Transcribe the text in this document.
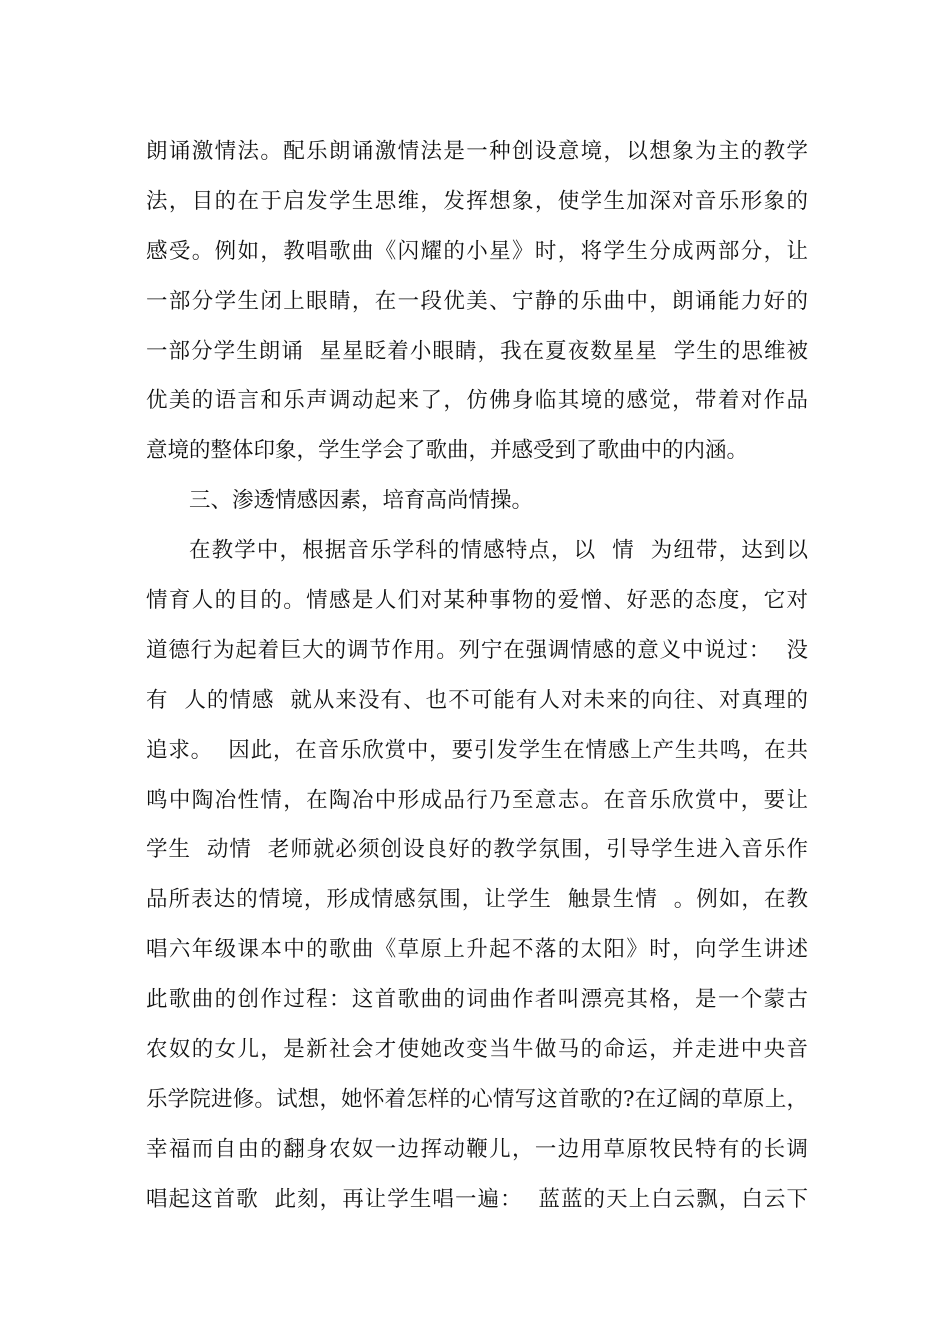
朗诵激情法。配乐朗诵激情法是一种创设意境，以想象为主的教学
法，目的在于启发学生思维，发挥想象，使学生加深对音乐形象的
感受。例如，教唱歌曲《闪耀的小星》时，将学生分成两部分，让
一部分学生闭上眼睛，在一段优美、宁静的乐曲中，朗诵能力好的
一部分学生朗诵  星星眨着小眼睛，我在夏夜数星星  学生的思维被
优美的语言和乐声调动起来了，仿佛身临其境的感觉，带着对作品
意境的整体印象，学生学会了歌曲，并感受到了歌曲中的内涵。
三、渗透情感因素，培育高尚情操。
在教学中，根据音乐学科的情感特点，以  情  为纽带，达到以
情育人的目的。情感是人们对某种事物的爱憎、好恶的态度，它对
道德行为起着巨大的调节作用。列宁在强调情感的意义中说过：  没
有  人的情感  就从来没有、也不可能有人对未来的向往、对真理的
追求。  因此，在音乐欣赏中，要引发学生在情感上产生共鸣，在共
鸣中陶冶性情，在陶冶中形成品行乃至意志。在音乐欣赏中，要让
学生  动情  老师就必须创设良好的教学氛围，引导学生进入音乐作
品所表达的情境，形成情感氛围，让学生  触景生情  。例如，在教
唱六年级课本中的歌曲《草原上升起不落的太阳》时，向学生讲述
此歌曲的创作过程：这首歌曲的词曲作者叫漂亮其格，是一个蒙古
农奴的女儿，是新社会才使她改变当牛做马的命运，并走进中央音
乐学院进修。试想，她怀着怎样的心情写这首歌的?在辽阔的草原上，
幸福而自由的翻身农奴一边挥动鞭儿，一边用草原牧民特有的长调
唱起这首歌  此刻，再让学生唱一遍：  蓝蓝的天上白云飘，白云下
